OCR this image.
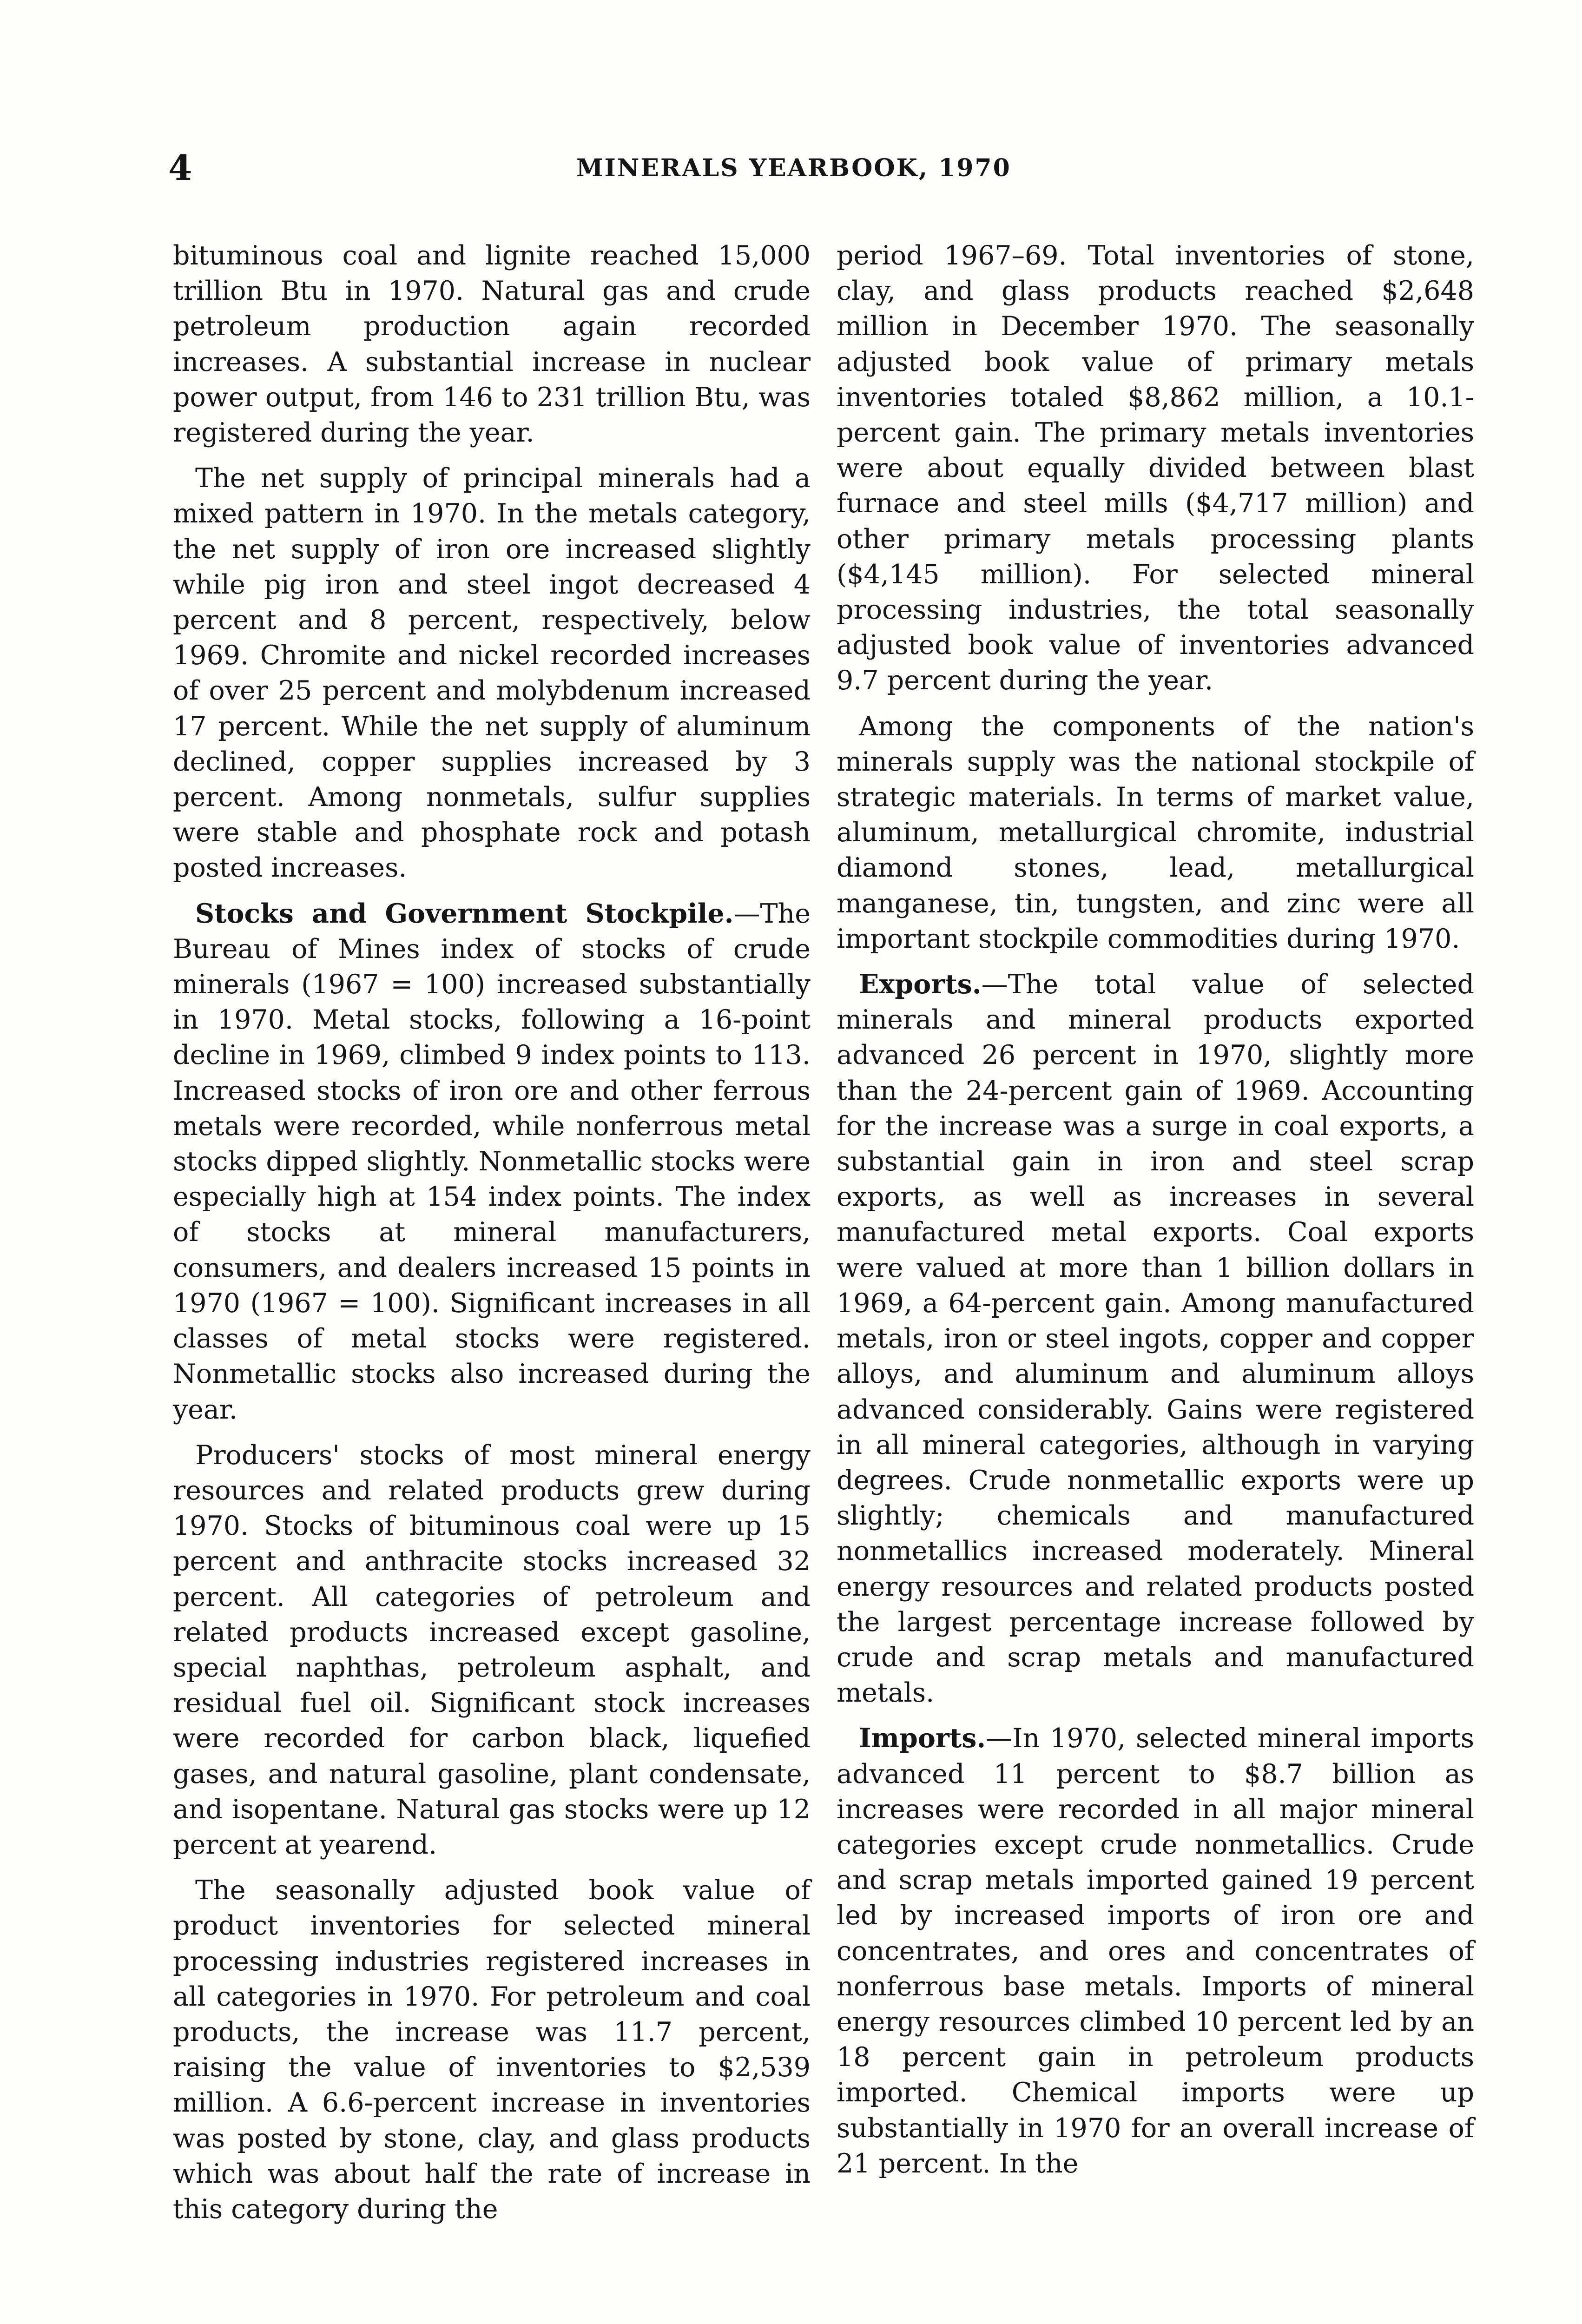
4	MINERALS YEARBOOK, 1970

bituminous coal and lignite reached 15,000 trillion Btu in 1970. Natural gas and crude petroleum production again recorded increases. A substantial increase in nuclear power output, from 146 to 231 trillion Btu, was registered during the year.

The net supply of principal minerals had a mixed pattern in 1970. In the metals category, the net supply of iron ore increased slightly while pig iron and steel ingot decreased 4 percent and 8 percent, respectively, below 1969. Chromite and nickel recorded increases of over 25 percent and molybdenum increased 17 percent. While the net supply of aluminum declined, copper supplies increased by 3 percent. Among nonmetals, sulfur supplies were stable and phosphate rock and potash posted increases.

Stocks and Government Stockpile.—The Bureau of Mines index of stocks of crude minerals (1967 = 100) increased substantially in 1970. Metal stocks, following a 16-point decline in 1969, climbed 9 index points to 113. Increased stocks of iron ore and other ferrous metals were recorded, while nonferrous metal stocks dipped slightly. Nonmetallic stocks were especially high at 154 index points. The index of stocks at mineral manufacturers, consumers, and dealers increased 15 points in 1970 (1967 = 100). Significant increases in all classes of metal stocks were registered. Nonmetallic stocks also increased during the year.

Producers' stocks of most mineral energy resources and related products grew during 1970. Stocks of bituminous coal were up 15 percent and anthracite stocks increased 32 percent. All categories of petroleum and related products increased except gasoline, special naphthas, petroleum asphalt, and residual fuel oil. Significant stock increases were recorded for carbon black, liquefied gases, and natural gasoline, plant condensate, and isopentane. Natural gas stocks were up 12 percent at yearend.

The seasonally adjusted book value of product inventories for selected mineral processing industries registered increases in all categories in 1970. For petroleum and coal products, the increase was 11.7 percent, raising the value of inventories to $2,539 million. A 6.6-percent increase in inventories was posted by stone, clay, and glass products which was about half the rate of increase in this category during the

period 1967–69. Total inventories of stone, clay, and glass products reached $2,648 million in December 1970. The seasonally adjusted book value of primary metals inventories totaled $8,862 million, a 10.1-percent gain. The primary metals inventories were about equally divided between blast furnace and steel mills ($4,717 million) and other primary metals processing plants ($4,145 million). For selected mineral processing industries, the total seasonally adjusted book value of inventories advanced 9.7 percent during the year.

Among the components of the nation's minerals supply was the national stockpile of strategic materials. In terms of market value, aluminum, metallurgical chromite, industrial diamond stones, lead, metallurgical manganese, tin, tungsten, and zinc were all important stockpile commodities during 1970.

Exports.—The total value of selected minerals and mineral products exported advanced 26 percent in 1970, slightly more than the 24-percent gain of 1969. Accounting for the increase was a surge in coal exports, a substantial gain in iron and steel scrap exports, as well as increases in several manufactured metal exports. Coal exports were valued at more than 1 billion dollars in 1969, a 64-percent gain. Among manufactured metals, iron or steel ingots, copper and copper alloys, and aluminum and aluminum alloys advanced considerably. Gains were registered in all mineral categories, although in varying degrees. Crude nonmetallic exports were up slightly; chemicals and manufactured nonmetallics increased moderately. Mineral energy resources and related products posted the largest percentage increase followed by crude and scrap metals and manufactured metals.

Imports.—In 1970, selected mineral imports advanced 11 percent to $8.7 billion as increases were recorded in all major mineral categories except crude nonmetallics. Crude and scrap metals imported gained 19 percent led by increased imports of iron ore and concentrates, and ores and concentrates of nonferrous base metals. Imports of mineral energy resources climbed 10 percent led by an 18 percent gain in petroleum products imported. Chemical imports were up substantially in 1970 for an overall increase of 21 percent. In the
